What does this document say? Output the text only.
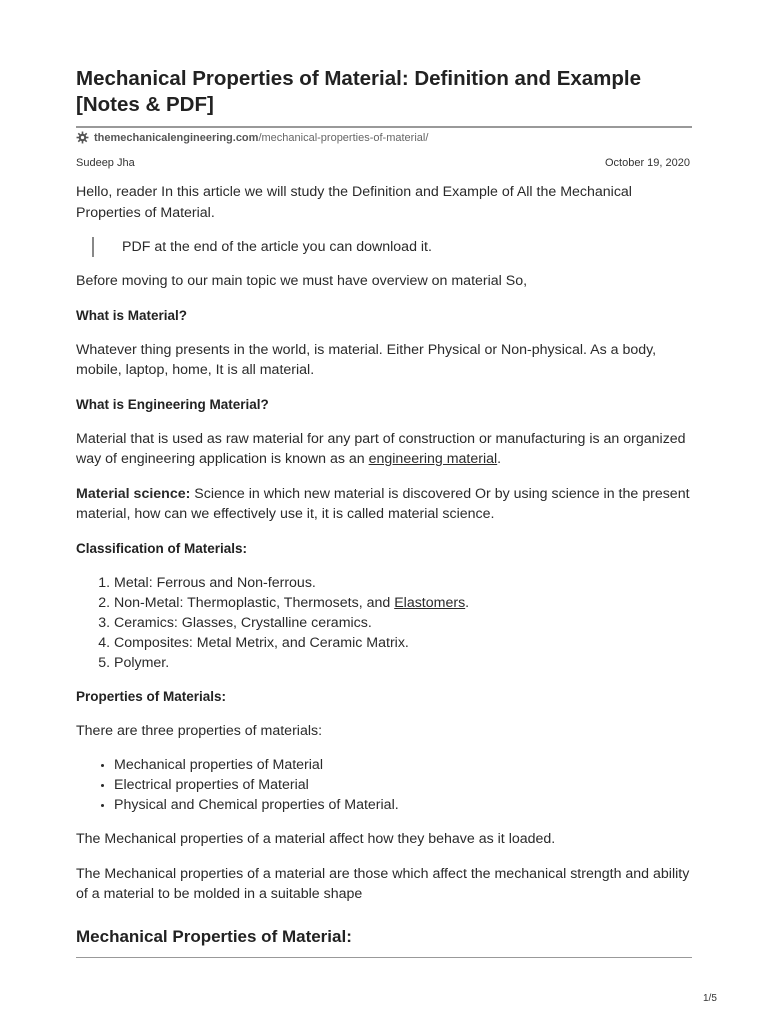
Mechanical Properties of Material: Definition and Example [Notes & PDF]
themechanicalengineering.com/mechanical-properties-of-material/
Sudeep Jha	October 19, 2020

Hello, reader In this article we will study the Definition and Example of All the Mechanical Properties of Material.

PDF at the end of the article you can download it.

Before moving to our main topic we must have overview on material So,

What is Material?

Whatever thing presents in the world, is material. Either Physical or Non-physical. As a body, mobile, laptop, home, It is all material.

What is Engineering Material?

Material that is used as raw material for any part of construction or manufacturing is an organized way of engineering application is known as an engineering material.

Material science: Science in which new material is discovered Or by using science in the present material, how can we effectively use it, it is called material science.

Classification of Materials:
1. Metal: Ferrous and Non-ferrous.
2. Non-Metal: Thermoplastic, Thermosets, and Elastomers.
3. Ceramics: Glasses, Crystalline ceramics.
4. Composites: Metal Metrix, and Ceramic Matrix.
5. Polymer.
Properties of Materials:

There are three properties of materials:

• Mechanical properties of Material
• Electrical properties of Material
• Physical and Chemical properties of Material.

The Mechanical properties of a material affect how they behave as it loaded.

The Mechanical properties of a material are those which affect the mechanical strength and ability of a material to be molded in a suitable shape

Mechanical Properties of Material:
1/5
